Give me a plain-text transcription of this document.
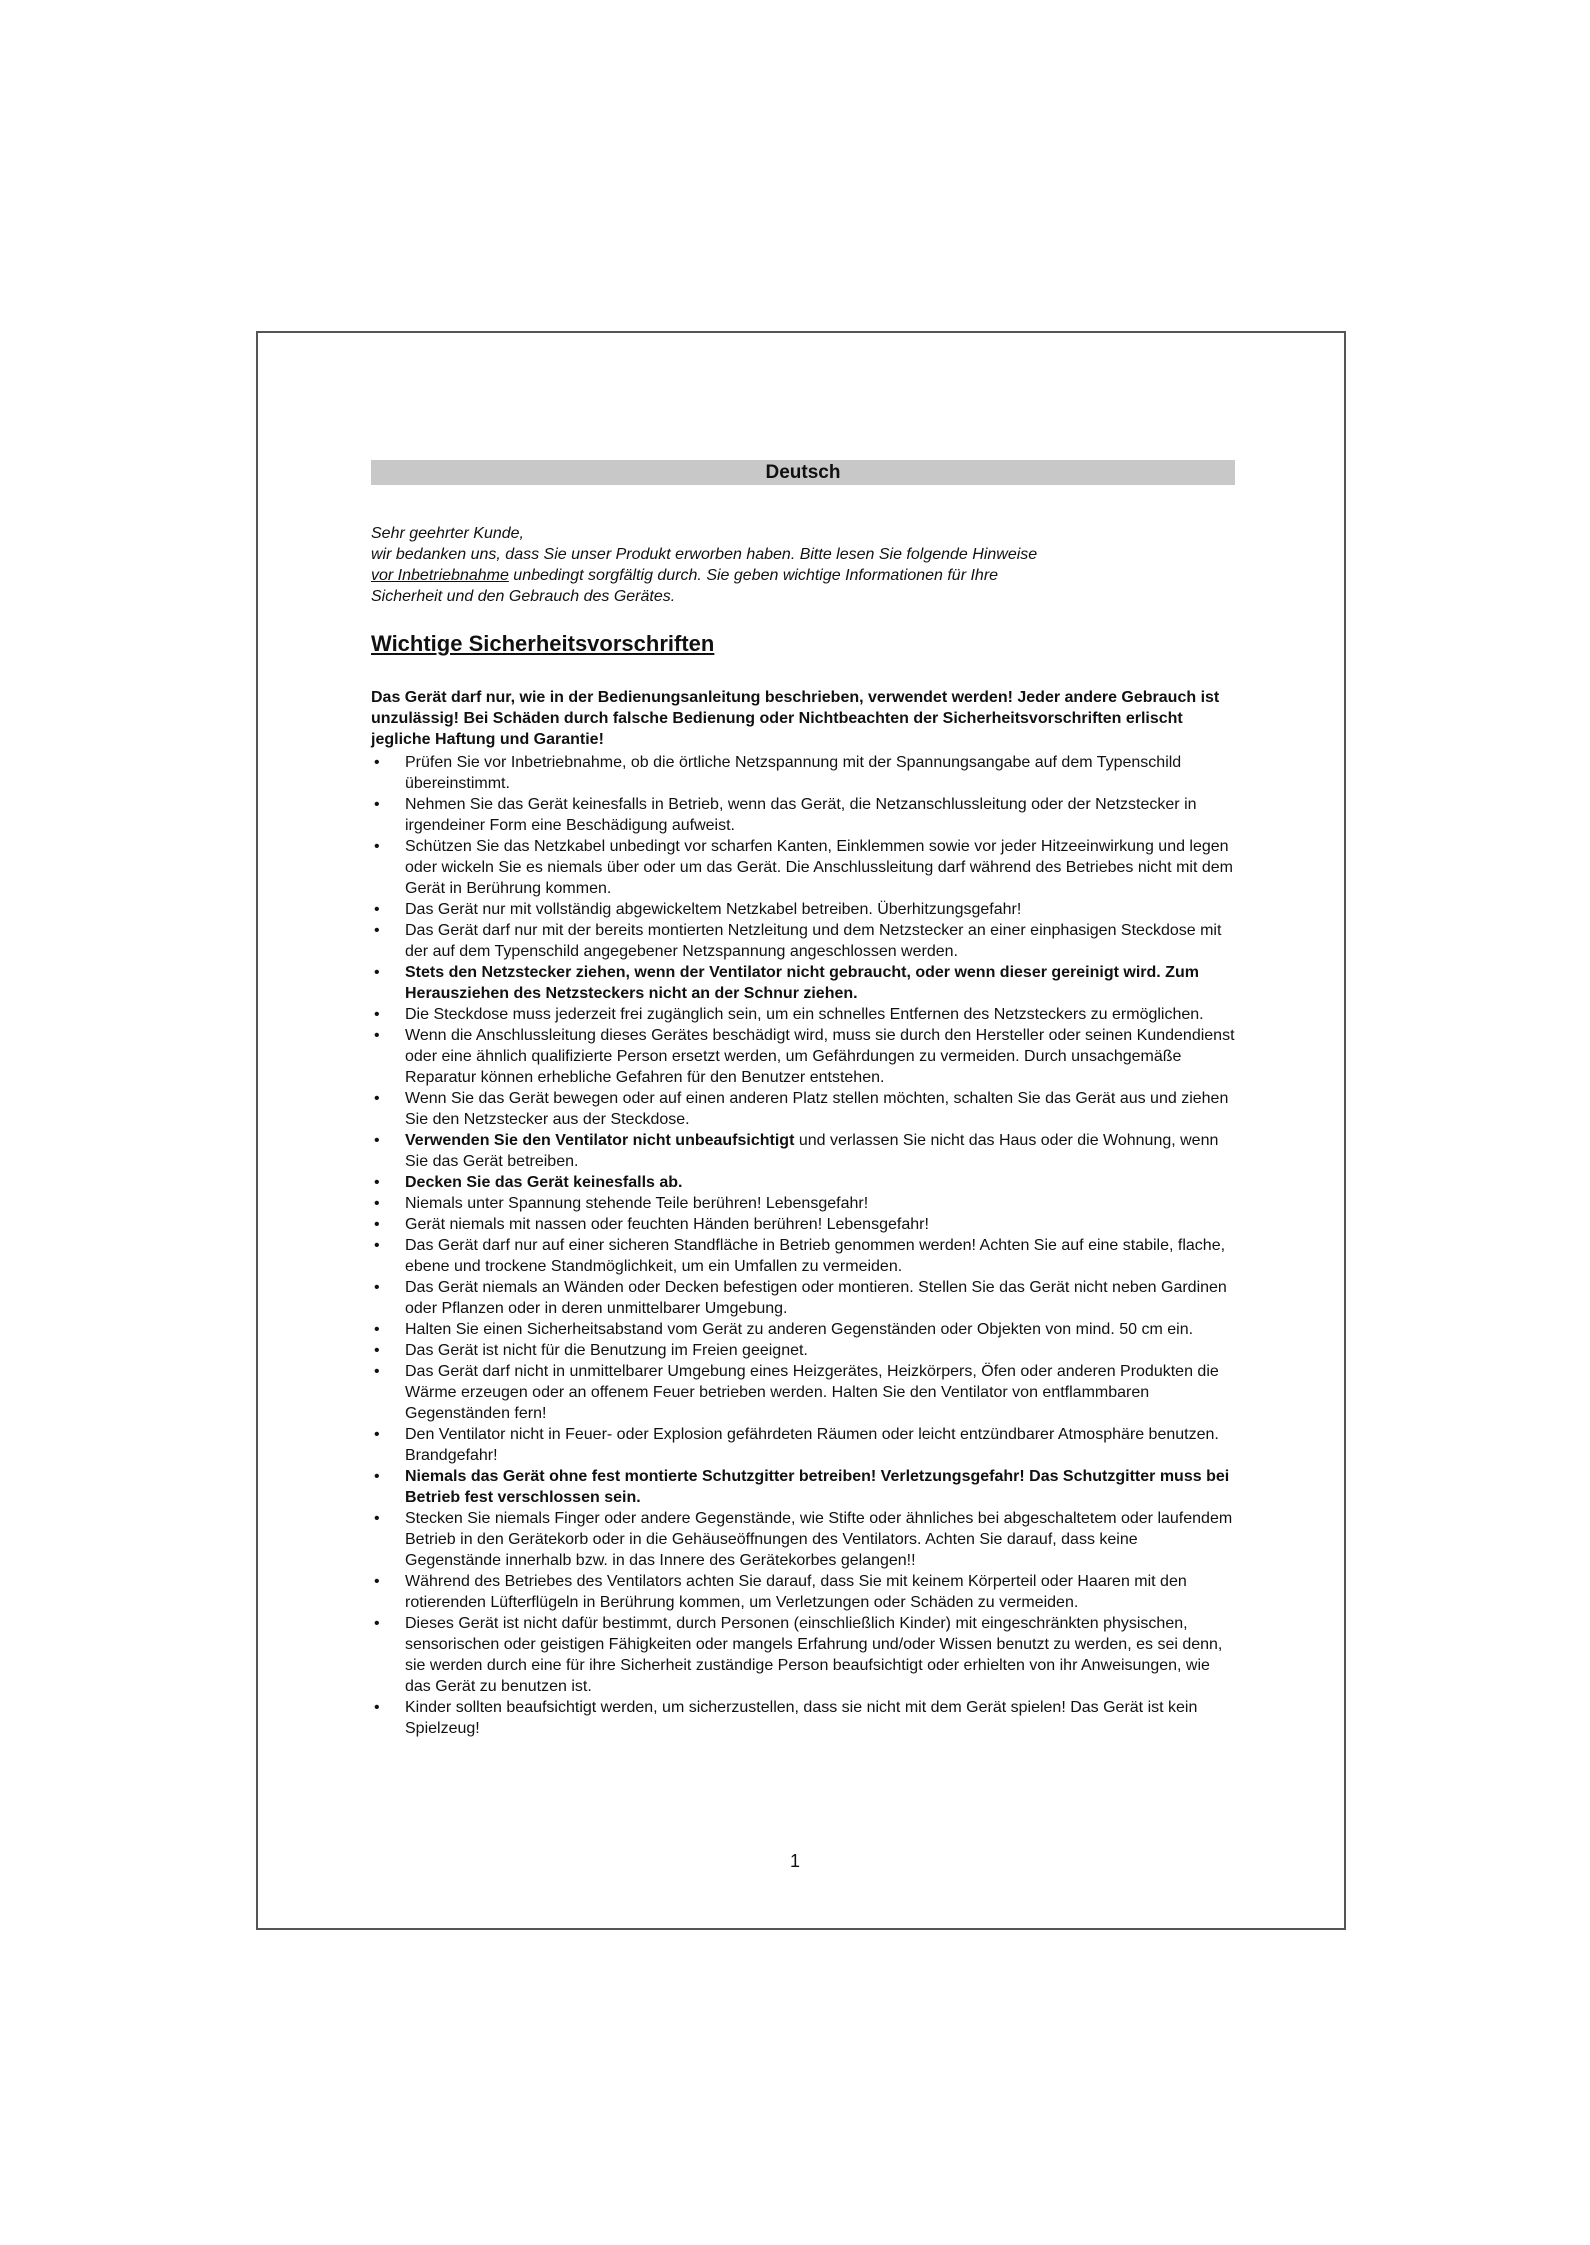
Deutsch
Sehr geehrter Kunde,
wir bedanken uns, dass Sie unser Produkt erworben haben. Bitte lesen Sie folgende Hinweise
vor Inbetriebnahme unbedingt sorgfältig durch. Sie geben wichtige Informationen für Ihre
Sicherheit und den Gebrauch des Gerätes.
Wichtige Sicherheitsvorschriften
Das Gerät darf nur, wie in der Bedienungsanleitung beschrieben, verwendet werden! Jeder andere Gebrauch ist unzulässig! Bei Schäden durch falsche Bedienung oder Nichtbeachten der Sicherheitsvorschriften erlischt jegliche Haftung und Garantie!
• Prüfen Sie vor Inbetriebnahme, ob die örtliche Netzspannung mit der Spannungsangabe auf dem Typenschild übereinstimmt.
• Nehmen Sie das Gerät keinesfalls in Betrieb, wenn das Gerät, die Netzanschlussleitung oder der Netzstecker in irgendeiner Form eine Beschädigung aufweist.
• Schützen Sie das Netzkabel unbedingt vor scharfen Kanten, Einklemmen sowie vor jeder Hitzeeinwirkung und legen oder wickeln Sie es niemals über oder um das Gerät. Die Anschlussleitung darf während des Betriebes nicht mit dem Gerät in Berührung kommen.
• Das Gerät nur mit vollständig abgewickeltem Netzkabel betreiben. Überhitzungsgefahr!
• Das Gerät darf nur mit der bereits montierten Netzleitung und dem Netzstecker an einer einphasigen Steckdose mit der auf dem Typenschild angegebener Netzspannung angeschlossen werden.
• Stets den Netzstecker ziehen, wenn der Ventilator nicht gebraucht, oder wenn dieser gereinigt wird. Zum Herausziehen des Netzsteckers nicht an der Schnur ziehen.
• Die Steckdose muss jederzeit frei zugänglich sein, um ein schnelles Entfernen des Netzsteckers zu ermöglichen.
• Wenn die Anschlussleitung dieses Gerätes beschädigt wird, muss sie durch den Hersteller oder seinen Kundendienst oder eine ähnlich qualifizierte Person ersetzt werden, um Gefährdungen zu vermeiden. Durch unsachgemäße Reparatur können erhebliche Gefahren für den Benutzer entstehen.
• Wenn Sie das Gerät bewegen oder auf einen anderen Platz stellen möchten, schalten Sie das Gerät aus und ziehen Sie den Netzstecker aus der Steckdose.
• Verwenden Sie den Ventilator nicht unbeaufsichtigt und verlassen Sie nicht das Haus oder die Wohnung, wenn Sie das Gerät betreiben.
• Decken Sie das Gerät keinesfalls ab.
• Niemals unter Spannung stehende Teile berühren! Lebensgefahr!
• Gerät niemals mit nassen oder feuchten Händen berühren! Lebensgefahr!
• Das Gerät darf nur auf einer sicheren Standfläche in Betrieb genommen werden! Achten Sie auf eine stabile, flache, ebene und trockene Standmöglichkeit, um ein Umfallen zu vermeiden.
• Das Gerät niemals an Wänden oder Decken befestigen oder montieren. Stellen Sie das Gerät nicht neben Gardinen oder Pflanzen oder in deren unmittelbarer Umgebung.
• Halten Sie einen Sicherheitsabstand vom Gerät zu anderen Gegenständen oder Objekten von mind. 50 cm ein.
• Das Gerät ist nicht für die Benutzung im Freien geeignet.
• Das Gerät darf nicht in unmittelbarer Umgebung eines Heizgerätes, Heizkörpers, Öfen oder anderen Produkten die Wärme erzeugen oder an offenem Feuer betrieben werden. Halten Sie den Ventilator von entflammbaren Gegenständen fern!
• Den Ventilator nicht in Feuer- oder Explosion gefährdeten Räumen oder leicht entzündbarer Atmosphäre benutzen. Brandgefahr!
• Niemals das Gerät ohne fest montierte Schutzgitter betreiben! Verletzungsgefahr! Das Schutzgitter muss bei Betrieb fest verschlossen sein.
• Stecken Sie niemals Finger oder andere Gegenstände, wie Stifte oder ähnliches bei abgeschaltetem oder laufendem Betrieb in den Gerätekorb oder in die Gehäuseöffnungen des Ventilators. Achten Sie darauf, dass keine Gegenstände innerhalb bzw. in das Innere des Gerätekorbes gelangen!!
• Während des Betriebes des Ventilators achten Sie darauf, dass Sie mit keinem Körperteil oder Haaren mit den rotierenden Lüfterflügeln in Berührung kommen, um Verletzungen oder Schäden zu vermeiden.
• Dieses Gerät ist nicht dafür bestimmt, durch Personen (einschließlich Kinder) mit eingeschränkten physischen, sensorischen oder geistigen Fähigkeiten oder mangels Erfahrung und/oder Wissen benutzt zu werden, es sei denn, sie werden durch eine für ihre Sicherheit zuständige Person beaufsichtigt oder erhielten von ihr Anweisungen, wie das Gerät zu benutzen ist.
• Kinder sollten beaufsichtigt werden, um sicherzustellen, dass sie nicht mit dem Gerät spielen! Das Gerät ist kein Spielzeug!
1
